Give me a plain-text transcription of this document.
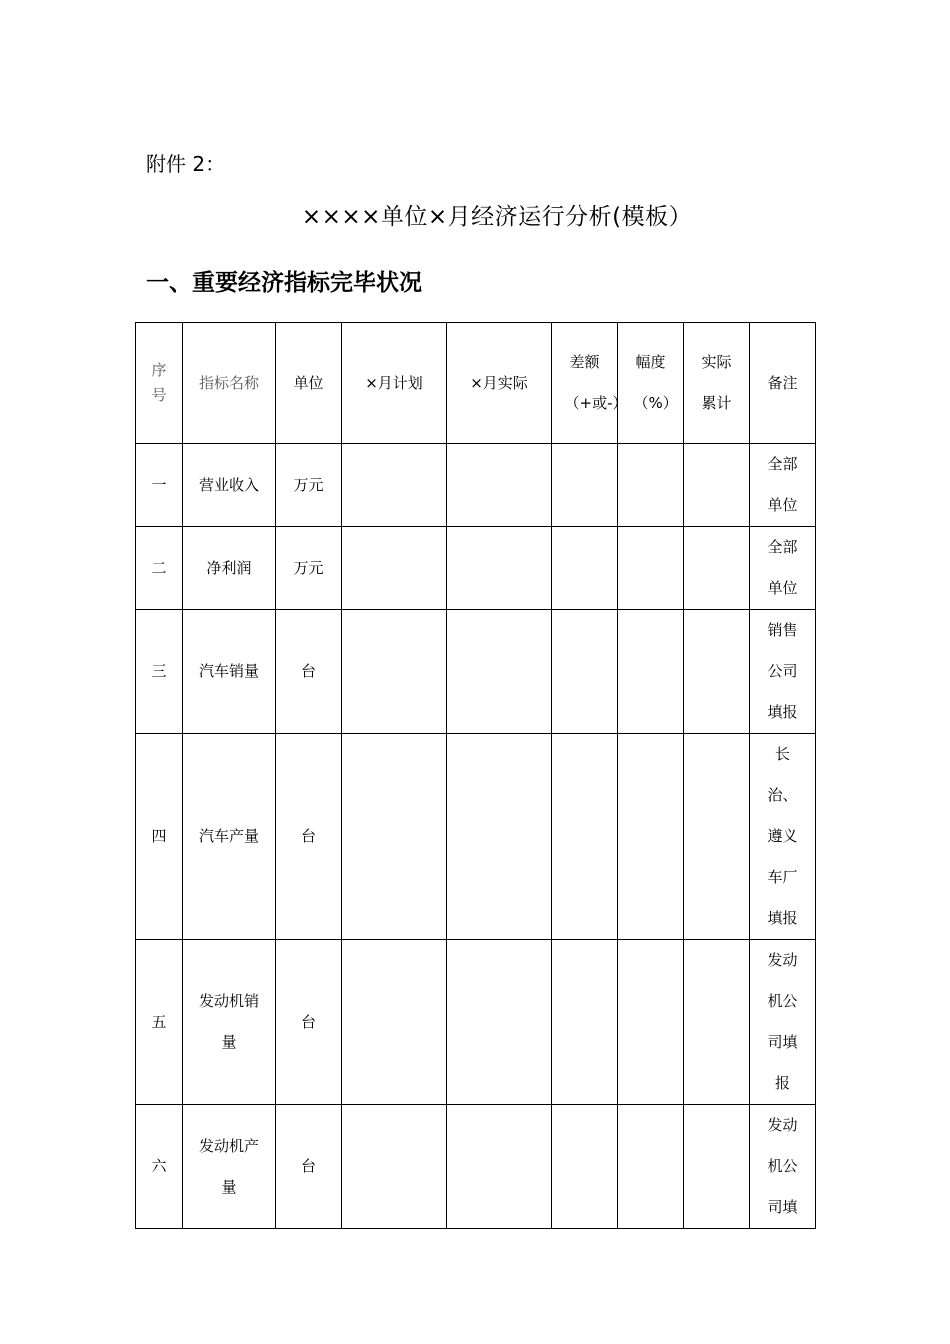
附件 2：
××××单位×月经济运行分析(模板）
一、重要经济指标完毕状况
序号	指标名称	单位	×月计划	×月实际	差额（+或-）	幅度（%）	实际累计	备注
一	营业收入	万元						全部单位

二	净利润	万元						全部单位

三	汽车销量	台						销售公司填报

四	汽车产量	台						长治、遵义车厂填报

五	发动机销量	台						发动机公司填报

六	发动机产量	台						发动机公司填
